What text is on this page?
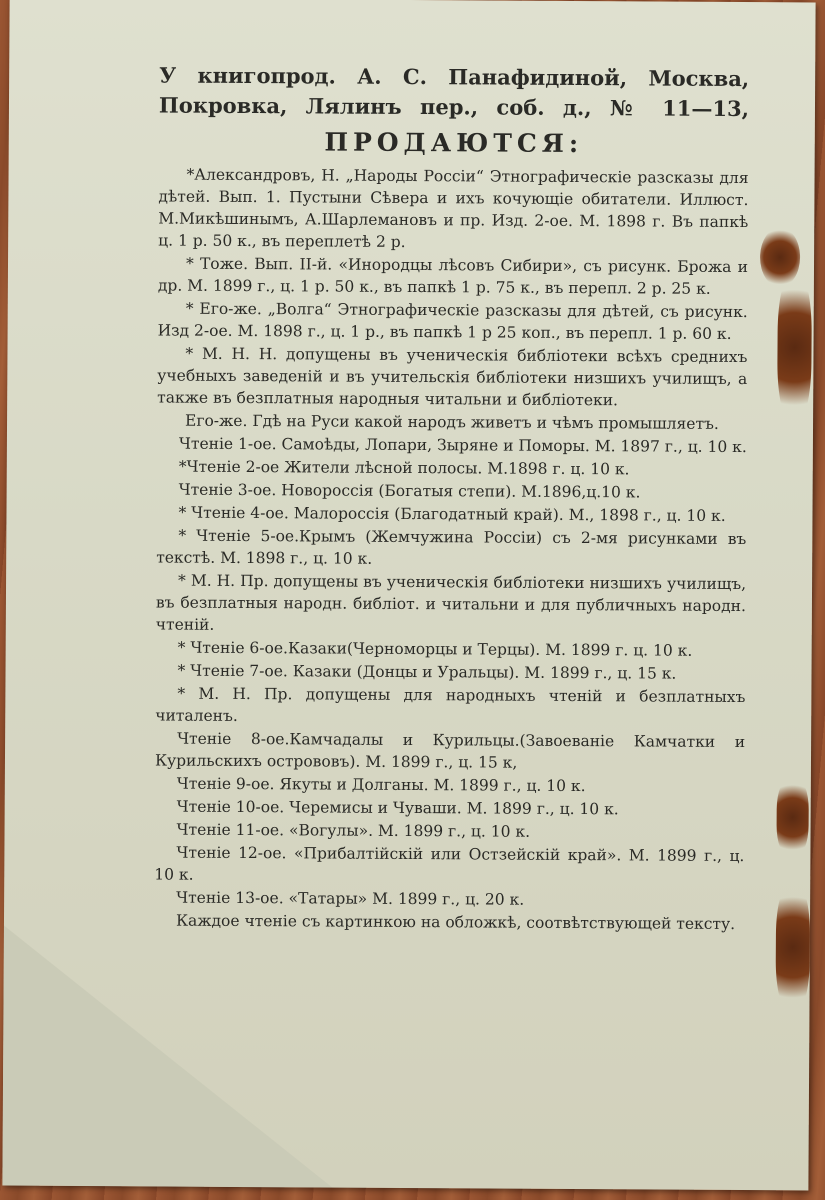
У книгопрод. А. С. Панафидиной, Москва,

Покровка, Лялинъ пер., соб. д., № 11—13,

ПРОДАЮТСЯ:

*Александровъ, Н. „Народы Россіи“ Этнографическіе разсказы для дѣтей. Вып. 1. Пустыни Сѣвера и ихъ кочующіе обитатели. Иллюст. М.Микѣшинымъ, А.Шарлемановъ и пр. Изд. 2-ое. М. 1898 г. Въ папкѣ ц. 1 р. 50 к., въ переплетѣ 2 р.

* Тоже. Вып. II-й. «Инородцы лѣсовъ Сибири», съ рисунк. Брожа и др. М. 1899 г., ц. 1 р. 50 к., въ папкѣ 1 р. 75 к., въ перепл. 2 р. 25 к.

* Его-же. „Волга“ Этнографическіе разсказы для дѣтей, съ рисунк. Изд 2-ое. М. 1898 г., ц. 1 р., въ папкѣ 1 р 25 коп., въ перепл. 1 р. 60 к.

* М. Н. Н. допущены въ ученическія библіотеки всѣхъ среднихъ учебныхъ заведеній и въ учительскія библіотеки низшихъ училищъ, а также въ безплатныя народныя читальни и библіотеки.

Его-же. Гдѣ на Руси какой народъ живетъ и чѣмъ промышляетъ.

Чтеніе 1-ое. Самоѣды, Лопари, Зыряне и Поморы. М. 1897 г., ц. 10 к.

*Чтеніе 2-ое Жители лѣсной полосы. М.1898 г. ц. 10 к.

Чтеніе 3-ое. Новороссія (Богатыя степи). М.1896,ц.10 к.

* Чтеніе 4-ое. Малороссія (Благодатный край). М., 1898 г., ц. 10 к.

* Чтеніе 5-ое.Крымъ (Жемчужина Россіи) съ 2-мя рисунками въ текстѣ. М. 1898 г., ц. 10 к.

* М. Н. Пр. допущены въ ученическія библіотеки низшихъ училищъ, въ безплатныя народн. библіот. и читальни и для публичныхъ народн. чтеній.

* Чтеніе 6-ое.Казаки(Черноморцы и Терцы). М. 1899 г. ц. 10 к.

* Чтеніе 7-ое. Казаки (Донцы и Уральцы). М. 1899 г., ц. 15 к.

* М. Н. Пр. допущены для народныхъ чтеній и безплатныхъ читаленъ.

Чтеніе 8-ое.Камчадалы и Курильцы.(Завоеваніе Камчатки и Курильскихъ острововъ). М. 1899 г., ц. 15 к,

Чтеніе 9-ое. Якуты и Долганы. М. 1899 г., ц. 10 к.

Чтеніе 10-ое. Черемисы и Чуваши. М. 1899 г., ц. 10 к.

Чтеніе 11-ое. «Вогулы». М. 1899 г., ц. 10 к.

Чтеніе 12-ое. «Прибалтійскій или Остзейскій край». М. 1899 г., ц. 10 к.

Чтеніе 13-ое. «Татары» М. 1899 г., ц. 20 к.

Каждое чтеніе съ картинкою на обложкѣ, соотвѣтствующей тексту.
